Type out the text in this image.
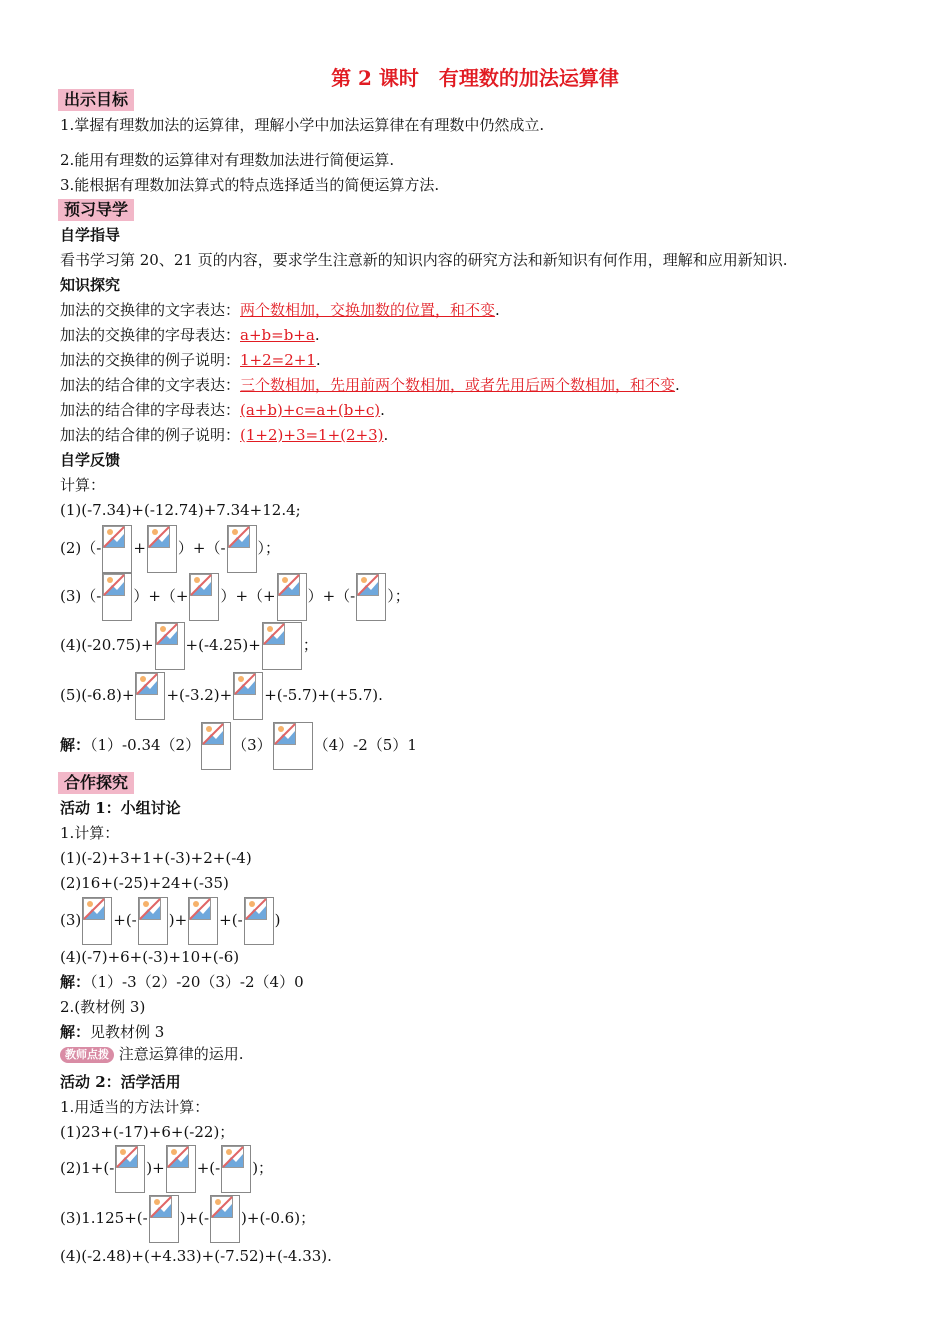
第 2 课时　有理数的加法运算律
出示目标
1.掌握有理数加法的运算律，理解小学中加法运算律在有理数中仍然成立.
2.能用有理数的运算律对有理数加法进行简便运算.
3.能根据有理数加法算式的特点选择适当的简便运算方法.
预习导学
自学指导
看书学习第 20、21 页的内容，要求学生注意新的知识内容的研究方法和新知识有何作用，理解和应用新知识.
知识探究
加法的交换律的文字表达：两个数相加，交换加数的位置，和不变.
加法的交换律的字母表达：a+b=b+a.
加法的交换律的例子说明：1+2=2+1.
加法的结合律的文字表达：三个数相加，先用前两个数相加，或者先用后两个数相加，和不变.
加法的结合律的字母表达：(a+b)+c=a+(b+c).
加法的结合律的例子说明：(1+2)+3=1+(2+3).
自学反馈
计算：
(1)(-7.34)+(-12.74)+7.34+12.4;
(2)（- + ）+（- ）；
(3)（- ）+（+ ）+（+ ）+（- ）；
(4)(-20.75)+ +(-4.25)+	；
(5)(-6.8)+ +(-3.2)+ +(-5.7)+(+5.7).
解：（1）-0.34（2） （3）	（4）-2（5）1
合作探究
活动 1：小组讨论
1.计算：
(1)(-2)+3+1+(-3)+2+(-4)
(2)16+(-25)+24+(-35)
(3) +(- )+ +(- )
(4)(-7)+6+(-3)+10+(-6)
解：（1）-3（2）-20（3）-2（4）0
2.(教材例 3)
解：见教材例 3
教师点拨 注意运算律的运用.
活动 2：活学活用
1.用适当的方法计算：
(1)23+(-17)+6+(-22)；
(2)1+(- )+ +(- )；
(3)1.125+(- )+(- )+(-0.6)；
(4)(-2.48)+(+4.33)+(-7.52)+(-4.33).
